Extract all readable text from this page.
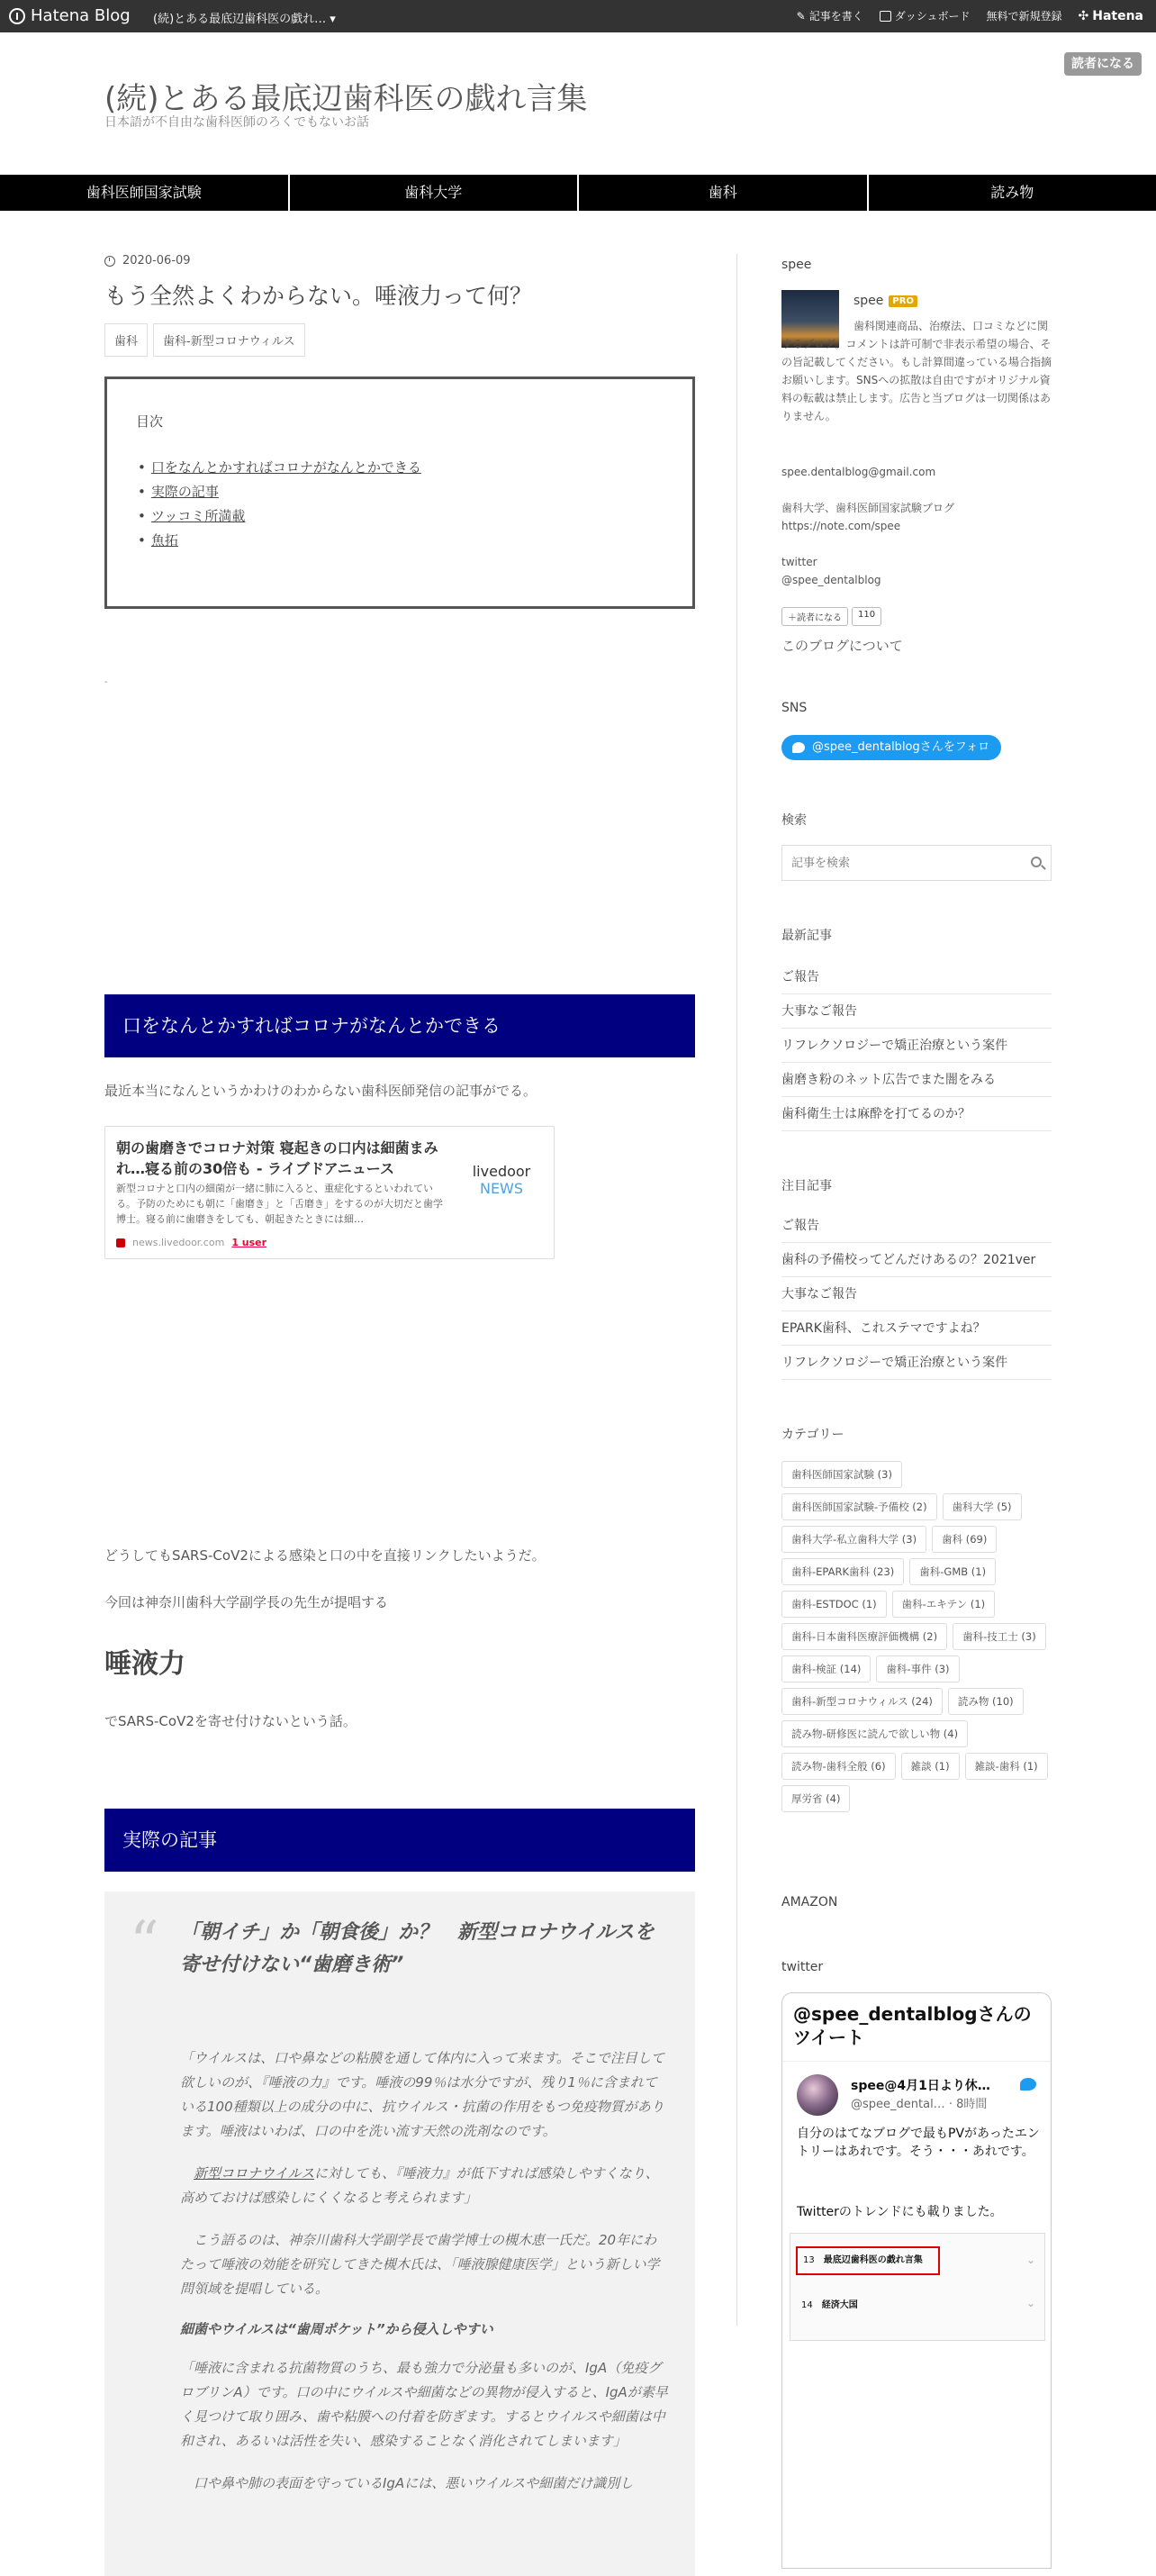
Hatena Blog (続)とある最底辺歯科医の戯れ… ▾	✎ 記事を書く	ダッシュボード 無料で新規登録 ✣ Hatena
読者になる
(続)とある最底辺歯科医の戯れ言集
日本語が不自由な歯科医師のろくでもないお話
歯科医師国家試験	歯科大学	歯科	読み物
2020-06-09
もう全然よくわからない。唾液力って何？
歯科	歯科-新型コロナウィルス
目次
• 口をなんとかすればコロナがなんとかできる
• 実際の記事
• ツッコミ所満載
• 魚拓
-
口をなんとかすればコロナがなんとかできる
最近本当になんというかわけのわからない歯科医師発信の記事がでる。
朝の歯磨きでコロナ対策 寝起きの口内は細菌まみれ…寝る前の30倍も - ライブドアニュース
新型コロナと口内の細菌が一緒に肺に入ると、重症化するといわれている。予防のためにも朝に「歯磨き」と「舌磨き」をするのが大切だと歯学博士。寝る前に歯磨きをしても、朝起きたときには細…
news.livedoor.com 1 user
livedoor
NEWS
どうしてもSARS-CoV2による感染と口の中を直接リンクしたいようだ。
今回は神奈川歯科大学副学長の先生が提唱する
唾液力
でSARS-CoV2を寄せ付けないという話。
実際の記事
“ 「朝イチ」か「朝食後」か？　新型コロナウイルスを寄せ付けない“歯磨き術”
「ウイルスは、口や鼻などの粘膜を通して体内に入って来ます。そこで注目して欲しいのが、『唾液の力』です。唾液の99％は水分ですが、残り1％に含まれている100種類以上の成分の中に、抗ウイルス・抗菌の作用をもつ免疫物質があります。唾液はいわば、口の中を洗い流す天然の洗剤なのです。
　新型コロナウイルスに対しても、『唾液力』が低下すれば感染しやすくなり、高めておけば感染しにくくなると考えられます」
　こう語るのは、神奈川歯科大学副学長で歯学博士の槻木恵一氏だ。20年にわたって唾液の効能を研究してきた槻木氏は、「唾液腺健康医学」という新しい学問領域を提唱している。
細菌やウイルスは“歯周ポケット”から侵入しやすい
「唾液に含まれる抗菌物質のうち、最も強力で分泌量も多いのが、IgA（免疫グロブリンA）です。口の中にウイルスや細菌などの異物が侵入すると、IgAが素早く見つけて取り囲み、歯や粘膜への付着を防ぎます。するとウイルスや細菌は中和され、あるいは活性を失い、感染することなく消化されてしまいます」
　口や鼻や肺の表面を守っているIgAには、悪いウイルスや細菌だけ識別し
spee
spee	PRO
歯科関連商品、治療法、口コミなどに関するブログ。コメントは許可制で非表示希望の場合、その旨記載してください。もし計算間違っている場合指摘お願いします。SNSへの拡散は自由ですがオリジナル資料の転載は禁止します。広告と当ブログは一切関係はありません。
spee.dentalblog@gmail.com
歯科大学、歯科医師国家試験ブログ
https://note.com/spee
twitter
@spee_dentalblog
＋読者になる	110
このブログについて
SNS
@spee_dentalblogさんをフォロー
検索
記事を検索
最新記事
ご報告
大事なご報告
リフレクソロジーで矯正治療という案件
歯磨き粉のネット広告でまた闇をみる
歯科衛生士は麻酔を打てるのか？
注目記事
ご報告
歯科の予備校ってどんだけあるの？2021ver
大事なご報告
EPARK歯科、これステマですよね？
リフレクソロジーで矯正治療という案件
カテゴリー
歯科医師国家試験 (3)
歯科医師国家試験-予備校 (2)	歯科大学 (5)
歯科大学-私立歯科大学 (3)	歯科 (69)
歯科-EPARK歯科 (23)	歯科-GMB (1)
歯科-ESTDOC (1)	歯科-エキテン (1)
歯科-日本歯科医療評価機構 (2)	歯科-技工士 (3)
歯科-検証 (14)	歯科-事件 (3)
歯科-新型コロナウィルス (24)	読み物 (10)
読み物-研修医に読んで欲しい物 (4)
読み物-歯科全般 (6)	雑談 (1)	雑談-歯科 (1)
厚労省 (4)
AMAZON
twitter
@spee_dentalblogさんのツイート
spee@4月1日より休…
@spee_dental… · 8時間
自分のはてなブログで最もPVがあったエントリーはあれです。そう・・・あれです。
Twitterのトレンドにも載りました。
13　 最底辺歯科医の戯れ言集	⌄
14　 経済大国	⌄
